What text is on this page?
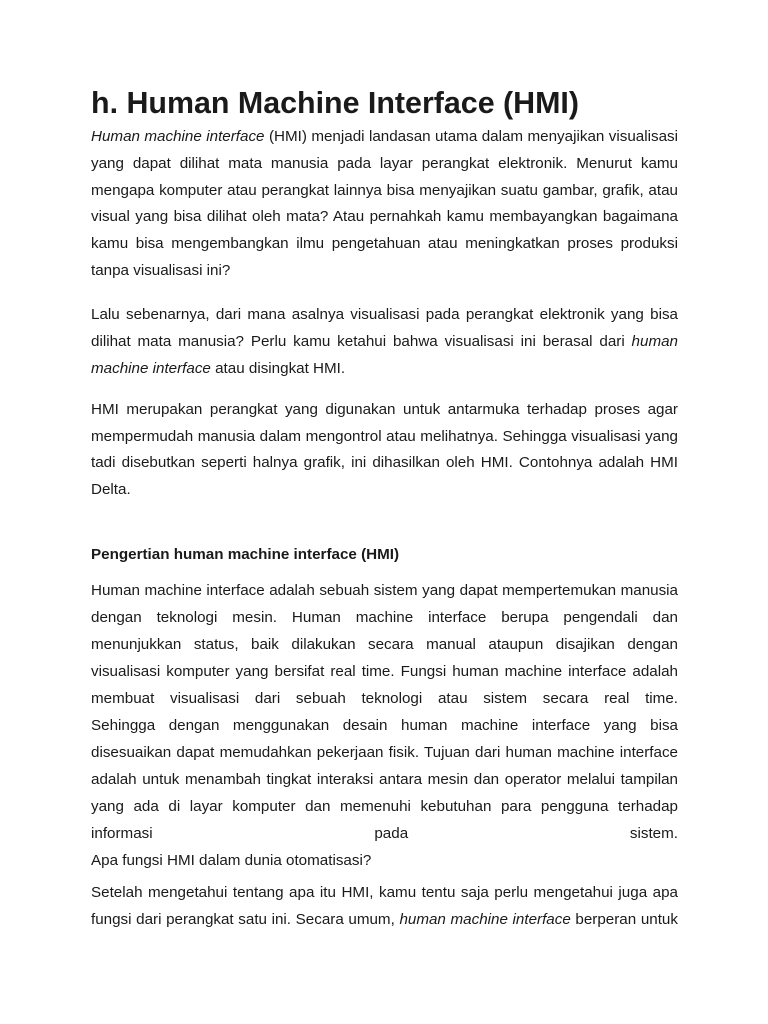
h. Human Machine Interface (HMI)
Human machine interface (HMI) menjadi landasan utama dalam menyajikan visualisasi
yang dapat dilihat mata manusia pada layar perangkat elektronik. Menurut kamu
mengapa komputer atau perangkat lainnya bisa menyajikan suatu gambar, grafik, atau
visual yang bisa dilihat oleh mata? Atau pernahkah kamu membayangkan bagaimana
kamu bisa mengembangkan ilmu pengetahuan atau meningkatkan proses produksi
tanpa visualisasi ini?
Lalu sebenarnya, dari mana asalnya visualisasi pada perangkat elektronik yang bisa
dilihat mata manusia? Perlu kamu ketahui bahwa visualisasi ini berasal dari human
machine interface atau disingkat HMI.
HMI merupakan perangkat yang digunakan untuk antarmuka terhadap proses agar
mempermudah manusia dalam mengontrol atau melihatnya. Sehingga visualisasi yang
tadi disebutkan seperti halnya grafik, ini dihasilkan oleh HMI. Contohnya adalah HMI
Delta.
Pengertian human machine interface (HMI)
Human machine interface adalah sebuah sistem yang dapat mempertemukan manusia
dengan teknologi mesin. Human machine interface berupa pengendali dan
menunjukkan status, baik dilakukan secara manual ataupun disajikan dengan
visualisasi komputer yang bersifat real time. Fungsi human machine interface adalah
membuat visualisasi dari sebuah teknologi atau sistem secara real time.
Sehingga dengan menggunakan desain human machine interface yang bisa
disesuaikan dapat memudahkan pekerjaan fisik. Tujuan dari human machine interface
adalah untuk menambah tingkat interaksi antara mesin dan operator melalui tampilan
yang ada di layar komputer dan memenuhi kebutuhan para pengguna terhadap
informasi pada sistem.
Apa fungsi HMI dalam dunia otomatisasi?
Setelah mengetahui tentang apa itu HMI, kamu tentu saja perlu mengetahui juga apa
fungsi dari perangkat satu ini. Secara umum, human machine interface berperan untuk
